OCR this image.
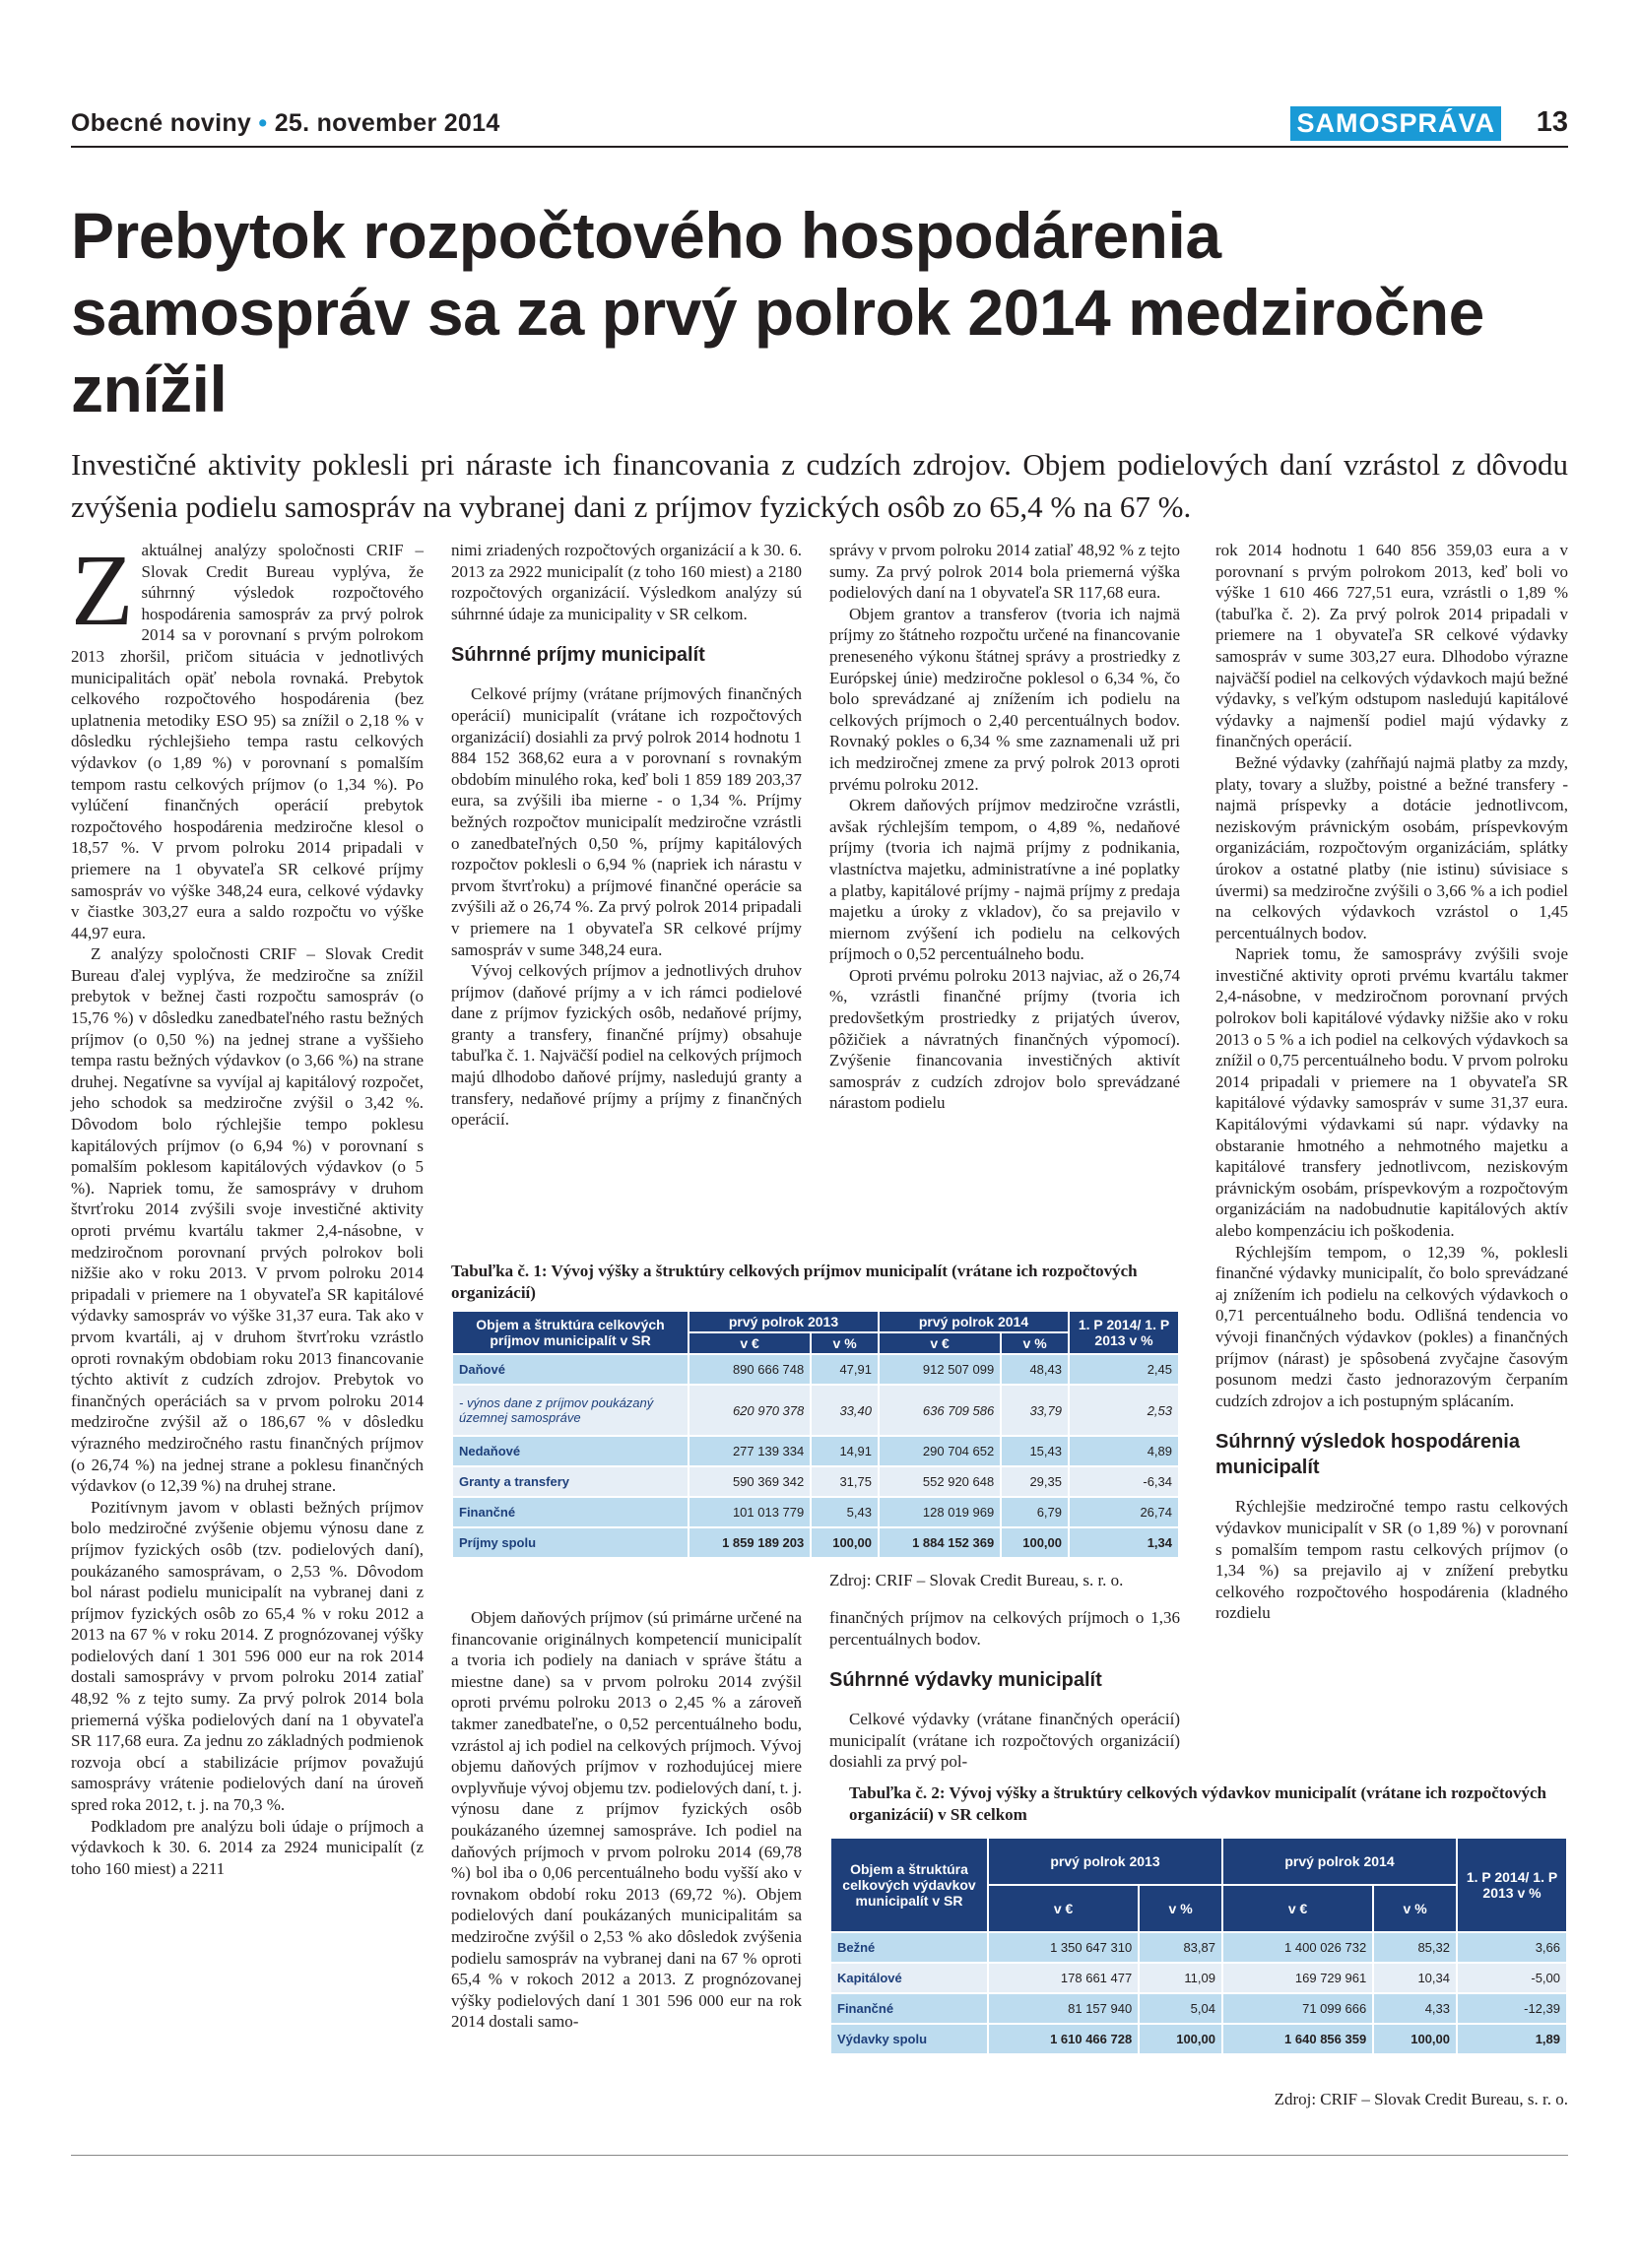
Obecné noviny • 25. november 2014	SAMOSPRÁVA 13
Prebytok rozpočtového hospodárenia samospráv sa za prvý polrok 2014 medziročne znížil

Investičné aktivity poklesli pri náraste ich financovania z cudzích zdrojov. Objem podielových daní vzrástol z dôvodu zvýšenia podielu samospráv na vybranej dani z príjmov fyzických osôb zo 65,4 % na 67 %.

Z aktuálnej analýzy spoločnosti CRIF – Slovak Credit Bureau vyplýva, že súhrnný výsledok rozpočtového hospodárenia samospráv za prvý polrok 2014 sa v porovnaní s prvým polrokom 2013 zhoršil, pričom situácia v jednotlivých municipalitách opäť nebola rovnaká. Prebytok celkového rozpočtového hospodárenia (bez uplatnenia metodiky ESO 95) sa znížil o 2,18 % v dôsledku rýchlejšieho tempa rastu celkových výdavkov (o 1,89 %) v porovnaní s pomalším tempom rastu celkových príjmov (o 1,34 %). Po vylúčení finančných operácií prebytok rozpočtového hospodárenia medziročne klesol o 18,57 %. V prvom polroku 2014 pripadali v priemere na 1 obyvateľa SR celkové príjmy samospráv vo výške 348,24 eura, celkové výdavky v čiastke 303,27 eura a saldo rozpočtu vo výške 44,97 eura.

Z analýzy spoločnosti CRIF – Slovak Credit Bureau ďalej vyplýva, že medziročne sa znížil prebytok v bežnej časti rozpočtu samospráv (o 15,76 %) v dôsledku zanedbateľného rastu bežných príjmov (o 0,50 %) na jednej strane a vyššieho tempa rastu bežných výdavkov (o 3,66 %) na strane druhej. Negatívne sa vyvíjal aj kapitálový rozpočet, jeho schodok sa medziročne zvýšil o 3,42 %. Dôvodom bolo rýchlejšie tempo poklesu kapitálových príjmov (o 6,94 %) v porovnaní s pomalším poklesom kapitálových výdavkov (o 5 %). Napriek tomu, že samosprávy v druhom štvrťroku 2014 zvýšili svoje investičné aktivity oproti prvému kvartálu takmer 2,4-násobne, v medziročnom porovnaní prvých polrokov boli nižšie ako v roku 2013. V prvom polroku 2014 pripadali v priemere na 1 obyvateľa SR kapitálové výdavky samospráv vo výške 31,37 eura. Tak ako v prvom kvartáli, aj v druhom štvrťroku vzrástlo oproti rovnakým obdobiam roku 2013 financovanie týchto aktivít z cudzích zdrojov. Prebytok vo finančných operáciách sa v prvom polroku 2014 medziročne zvýšil až o 186,67 % v dôsledku výrazného medziročného rastu finančných príjmov (o 26,74 %) na jednej strane a poklesu finančných výdavkov (o 12,39 %) na druhej strane.

Pozitívnym javom v oblasti bežných príjmov bolo medziročné zvýšenie objemu výnosu dane z príjmov fyzických osôb (tzv. podielových daní), poukázaného samosprávam, o 2,53 %. Dôvodom bol nárast podielu municipalít na vybranej dani z príjmov fyzických osôb zo 65,4 % v roku 2012 a 2013 na 67 % v roku 2014. Z prognózovanej výšky podielových daní 1 301 596 000 eur na rok 2014 dostali samosprávy v prvom polroku 2014 zatiaľ 48,92 % z tejto sumy. Za prvý polrok 2014 bola priemerná výška podielových daní na 1 obyvateľa SR 117,68 eura. Za jednu zo základných podmienok rozvoja obcí a stabilizácie príjmov považujú samosprávy vrátenie podielových daní na úroveň spred roka 2012, t. j. na 70,3 %.

Podkladom pre analýzu boli údaje o príjmoch a výdavkoch k 30. 6. 2014 za 2924 municipalít (z toho 160 miest) a 2211

nimi zriadených rozpočtových organizácií a k 30. 6. 2013 za 2922 municipalít (z toho 160 miest) a 2180 rozpočtových organizácií. Výsledkom analýzy sú súhrnné údaje za municipality v SR celkom.

Súhrnné príjmy municipalít

Celkové príjmy (vrátane príjmových finančných operácií) municipalít (vrátane ich rozpočtových organizácií) dosiahli za prvý polrok 2014 hodnotu 1 884 152 368,62 eura a v porovnaní s rovnakým obdobím minulého roka, keď boli 1 859 189 203,37 eura, sa zvýšili iba mierne - o 1,34 %. Príjmy bežných rozpočtov municipalít medziročne vzrástli o zanedbateľných 0,50 %, príjmy kapitálových rozpočtov poklesli o 6,94 % (napriek ich nárastu v prvom štvrťroku) a príjmové finančné operácie sa zvýšili až o 26,74 %. Za prvý polrok 2014 pripadali v priemere na 1 obyvateľa SR celkové príjmy samospráv v sume 348,24 eura.

Vývoj celkových príjmov a jednotlivých druhov príjmov (daňové príjmy a v ich rámci podielové dane z príjmov fyzických osôb, nedaňové príjmy, granty a transfery, finančné príjmy) obsahuje tabuľka č. 1. Najväčší podiel na celkových príjmoch majú dlhodobo daňové príjmy, nasledujú granty a transfery, nedaňové príjmy a príjmy z finančných operácií.

správy v prvom polroku 2014 zatiaľ 48,92 % z tejto sumy. Za prvý polrok 2014 bola priemerná výška podielových daní na 1 obyvateľa SR 117,68 eura.

Objem grantov a transferov (tvoria ich najmä príjmy zo štátneho rozpočtu určené na financovanie preneseného výkonu štátnej správy a prostriedky z Európskej únie) medziročne poklesol o 6,34 %, čo bolo sprevádzané aj znížením ich podielu na celkových príjmoch o 2,40 percentuálnych bodov. Rovnaký pokles o 6,34 % sme zaznamenali už pri ich medziročnej zmene za prvý polrok 2013 oproti prvému polroku 2012.

Okrem daňových príjmov medziročne vzrástli, avšak rýchlejším tempom, o 4,89 %, nedaňové príjmy (tvoria ich najmä príjmy z podnikania, vlastníctva majetku, administratívne a iné poplatky a platby, kapitálové príjmy - najmä príjmy z predaja majetku a úroky z vkladov), čo sa prejavilo v miernom zvýšení ich podielu na celkových príjmoch o 0,52 percentuálneho bodu.

Oproti prvému polroku 2013 najviac, až o 26,74 %, vzrástli finančné príjmy (tvoria ich predovšetkým prostriedky z prijatých úverov, pôžičiek a návratných finančných výpomocí). Zvýšenie financovania investičných aktivít samospráv z cudzích zdrojov bolo sprevádzané nárastom podielu

rok 2014 hodnotu 1 640 856 359,03 eura a v porovnaní s prvým polrokom 2013, keď boli vo výške 1 610 466 727,51 eura, vzrástli o 1,89 % (tabuľka č. 2). Za prvý polrok 2014 pripadali v priemere na 1 obyvateľa SR celkové výdavky samospráv v sume 303,27 eura. Dlhodobo výrazne najväčší podiel na celkových výdavkoch majú bežné výdavky, s veľkým odstupom nasledujú kapitálové výdavky a najmenší podiel majú výdavky z finančných operácií.

Bežné výdavky (zahŕňajú najmä platby za mzdy, platy, tovary a služby, poistné a bežné transfery - najmä príspevky a dotácie jednotlivcom, neziskovým právnickým osobám, príspevkovým organizáciám, rozpočtovým organizáciám, splátky úrokov a ostatné platby (nie istinu) súvisiace s úvermi) sa medziročne zvýšili o 3,66 % a ich podiel na celkových výdavkoch vzrástol o 1,45 percentuálnych bodov.

Napriek tomu, že samosprávy zvýšili svoje investičné aktivity oproti prvému kvartálu takmer 2,4-násobne, v medziročnom porovnaní prvých polrokov boli kapitálové výdavky nižšie ako v roku 2013 o 5 % a ich podiel na celkových výdavkoch sa znížil o 0,75 percentuálneho bodu. V prvom polroku 2014 pripadali v priemere na 1 obyvateľa SR kapitálové výdavky samospráv v sume 31,37 eura. Kapitálovými výdavkami sú napr. výdavky na obstaranie hmotného a nehmotného majetku a kapitálové transfery jednotlivcom, neziskovým právnickým osobám, príspevkovým a rozpočtovým organizáciám na nadobudnutie kapitálových aktív alebo kompenzáciu ich poškodenia.

Rýchlejším tempom, o 12,39 %, poklesli finančné výdavky municipalít, čo bolo sprevádzané aj znížením ich podielu na celkových výdavkoch o 0,71 percentuálneho bodu. Odlišná tendencia vo vývoji finančných výdavkov (pokles) a finančných príjmov (nárast) je spôsobená zvyčajne časovým posunom medzi často jednorazovým čerpaním cudzích zdrojov a ich postupným splácaním.

Súhrnný výsledok hospodárenia municipalít

Rýchlejšie medziročné tempo rastu celkových výdavkov municipalít v SR (o 1,89 %) v porovnaní s pomalším tempom rastu celkových príjmov (o 1,34 %) sa prejavilo aj v znížení prebytku celkového rozpočtového hospodárenia (kladného rozdielu

Tabuľka č. 1: Vývoj výšky a štruktúry celkových príjmov municipalít (vrátane ich rozpočtových organizácií)
Objem a štruktúra celkových príjmov municipalít v SR	prvý polrok 2013		prvý polrok 2014		1. P 2014/ 1. P 2013 v %
	v €	v %	v €	v %	
Daňové	890 666 748	47,91	912 507 099	48,43	2,45
- výnos dane z príjmov poukázaný územnej samospráve	620 970 378	33,40	636 709 586	33,79	2,53
Nedaňové	277 139 334	14,91	290 704 652	15,43	4,89
Granty a transfery	590 369 342	31,75	552 920 648	29,35	-6,34
Finančné	101 013 779	5,43	128 019 969	6,79	26,74
Príjmy spolu	1 859 189 203	100,00	1 884 152 369	100,00	1,34
Zdroj: CRIF – Slovak Credit Bureau, s. r. o.

Objem daňových príjmov (sú primárne určené na financovanie originálnych kompetencií municipalít a tvoria ich podiely na daniach v správe štátu a miestne dane) sa v prvom polroku 2014 zvýšil oproti prvému polroku 2013 o 2,45 % a zároveň takmer zanedbateľne, o 0,52 percentuálneho bodu, vzrástol aj ich podiel na celkových príjmoch. Vývoj objemu daňových príjmov v rozhodujúcej miere ovplyvňuje vývoj objemu tzv. podielových daní, t. j. výnosu dane z príjmov fyzických osôb poukázaného územnej samospráve. Ich podiel na daňových príjmoch v prvom polroku 2014 (69,78 %) bol iba o 0,06 percentuálneho bodu vyšší ako v rovnakom období roku 2013 (69,72 %). Objem podielových daní poukázaných municipalitám sa medziročne zvýšil o 2,53 % ako dôsledok zvýšenia podielu samospráv na vybranej dani na 67 % oproti 65,4 % v rokoch 2012 a 2013. Z prognózovanej výšky podielových daní 1 301 596 000 eur na rok 2014 dostali samo-

finančných príjmov na celkových príjmoch o 1,36 percentuálnych bodov.

Súhrnné výdavky municipalít

Celkové výdavky (vrátane finančných operácií) municipalít (vrátane ich rozpočtových organizácií) dosiahli za prvý pol-

Tabuľka č. 2: Vývoj výšky a štruktúry celkových výdavkov municipalít (vrátane ich rozpočtových organizácií) v SR celkom
Objem a štruktúra celkových výdavkov municipalít v SR	prvý polrok 2013		prvý polrok 2014		1. P 2014/ 1. P 2013 v %
	v €	v %	v €	v %	
Bežné	1 350 647 310	83,87	1 400 026 732	85,32	3,66
Kapitálové	178 661 477	11,09	169 729 961	10,34	-5,00
Finančné	81 157 940	5,04	71 099 666	4,33	-12,39
Výdavky spolu	1 610 466 728	100,00	1 640 856 359	100,00	1,89
Zdroj: CRIF – Slovak Credit Bureau, s. r. o.
